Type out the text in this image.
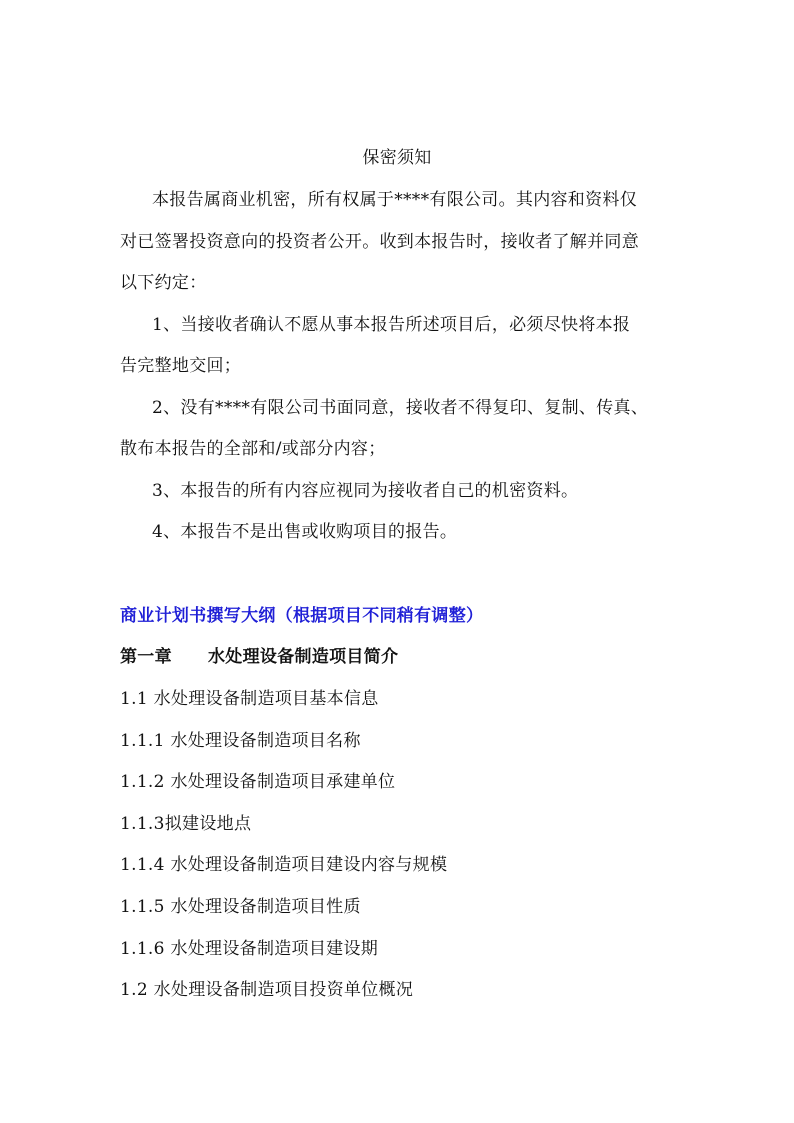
保密须知
本报告属商业机密，所有权属于****有限公司。其内容和资料仅
对已签署投资意向的投资者公开。收到本报告时，接收者了解并同意
以下约定：
1、当接收者确认不愿从事本报告所述项目后，必须尽快将本报
告完整地交回；
2、没有****有限公司书面同意，接收者不得复印、复制、传真、
散布本报告的全部和/或部分内容；
3、本报告的所有内容应视同为接收者自己的机密资料。
4、本报告不是出售或收购项目的报告。
商业计划书撰写大纲（根据项目不同稍有调整）
第一章 水处理设备制造项目简介
1.1 水处理设备制造项目基本信息
1.1.1 水处理设备制造项目名称
1.1.2 水处理设备制造项目承建单位
1.1.3拟建设地点
1.1.4 水处理设备制造项目建设内容与规模
1.1.5 水处理设备制造项目性质
1.1.6 水处理设备制造项目建设期
1.2 水处理设备制造项目投资单位概况
